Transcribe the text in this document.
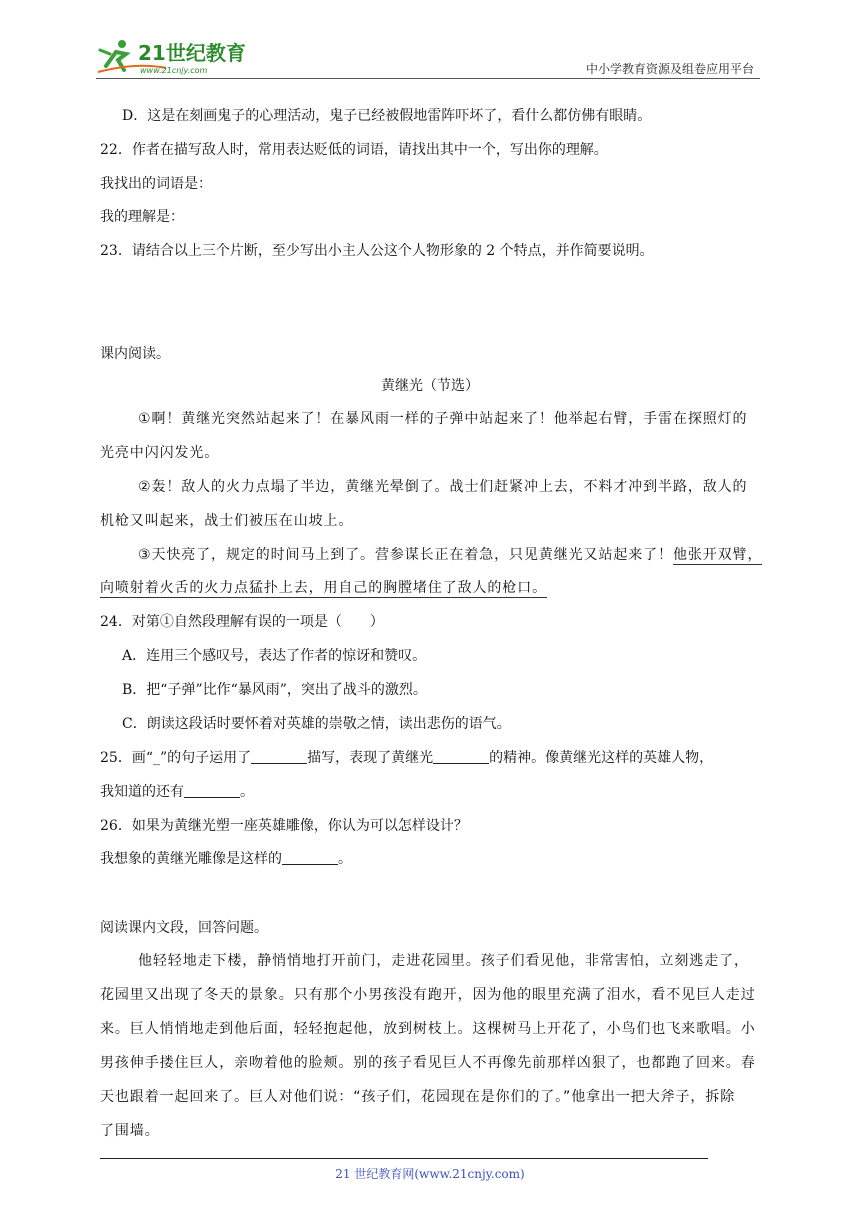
21世纪教育
www.21cnjy.com	中小学教育资源及组卷应用平台
D．这是在刻画鬼子的心理活动，鬼子已经被假地雷阵吓坏了，看什么都仿佛有眼睛。
22．作者在描写敌人时，常用表达贬低的词语，请找出其中一个，写出你的理解。
我找出的词语是：
我的理解是：
23．请结合以上三个片断，至少写出小主人公这个人物形象的 2 个特点，并作简要说明。
课内阅读。
黄继光（节选）
①啊！黄继光突然站起来了！在暴风雨一样的子弹中站起来了！他举起右臂，手雷在探照灯的
光亮中闪闪发光。
②轰！敌人的火力点塌了半边，黄继光晕倒了。战士们赶紧冲上去，不料才冲到半路，敌人的
机枪又叫起来，战士们被压在山坡上。
③天快亮了，规定的时间马上到了。营参谋长正在着急，只见黄继光又站起来了！他张开双臂，
向喷射着火舌的火力点猛扑上去，用自己的胸膛堵住了敌人的枪口。
24．对第①自然段理解有误的一项是（　　）
A．连用三个感叹号，表达了作者的惊讶和赞叹。
B．把“子弹”比作“暴风雨”，突出了战斗的激烈。
C．朗读这段话时要怀着对英雄的崇敬之情，读出悲伤的语气。
25．画“_”的句子运用了	描写，表现了黄继光	的精神。像黄继光这样的英雄人物，
我知道的还有	。
26．如果为黄继光塑一座英雄雕像，你认为可以怎样设计？
我想象的黄继光雕像是这样的	。
阅读课内文段，回答问题。
他轻轻地走下楼，静悄悄地打开前门，走进花园里。孩子们看见他，非常害怕，立刻逃走了，
花园里又出现了冬天的景象。只有那个小男孩没有跑开，因为他的眼里充满了泪水，看不见巨人走过
来。巨人悄悄地走到他后面，轻轻抱起他，放到树枝上。这棵树马上开花了，小鸟们也飞来歌唱。小
男孩伸手搂住巨人，亲吻着他的脸颊。别的孩子看见巨人不再像先前那样凶狠了，也都跑了回来。春
天也跟着一起回来了。巨人对他们说：“孩子们，花园现在是你们的了。”他拿出一把大斧子，拆除
了围墙。
21 世纪教育网(www.21cnjy.com)
